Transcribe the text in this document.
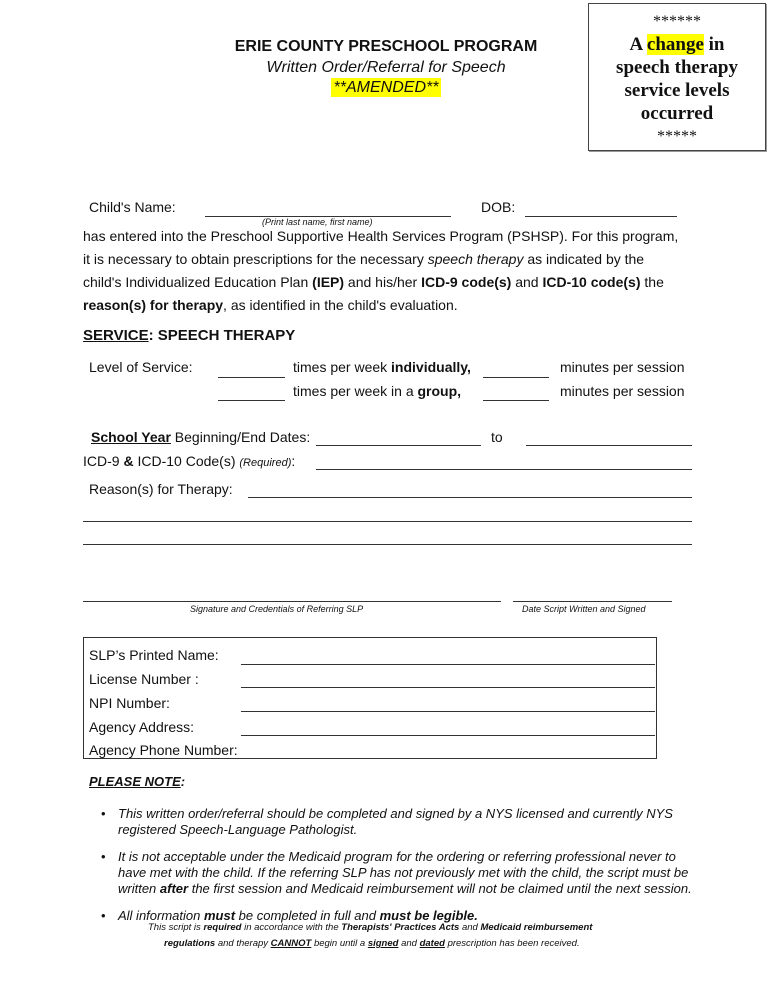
ERIE COUNTY PRESCHOOL PROGRAM
Written Order/Referral for Speech
**AMENDED**
******
A change in
speech therapy
service levels
occurred
*****
Child's Name:
(Print last name, first name)
DOB:
has entered into the Preschool Supportive Health Services Program (PSHSP). For this program,
it is necessary to obtain prescriptions for the necessary speech therapy as indicated by the
child's Individualized Education Plan (IEP) and his/her ICD-9 code(s) and ICD-10 code(s) the
reason(s) for therapy, as identified in the child's evaluation.
SERVICE: SPEECH THERAPY
Level of Service:	times per week individually,	minutes per session
times per week in a group,	minutes per session
School Year Beginning/End Dates:	to
ICD-9 & ICD-10 Code(s) (Required):
Reason(s) for Therapy:
Signature and Credentials of Referring SLP	Date Script Written and Signed
SLP’s Printed Name:
License Number :
NPI Number:
Agency Address:
Agency Phone Number:
PLEASE NOTE:
• This written order/referral should be completed and signed by a NYS licensed and currently NYS registered Speech-Language Pathologist.
• It is not acceptable under the Medicaid program for the ordering or referring professional never to have met with the child. If the referring SLP has not previously met with the child, the script must be written after the first session and Medicaid reimbursement will not be claimed until the next session.
• All information must be completed in full and must be legible.
This script is required in accordance with the Therapists' Practices Acts and Medicaid reimbursement
regulations and therapy CANNOT begin until a signed and dated prescription has been received.
